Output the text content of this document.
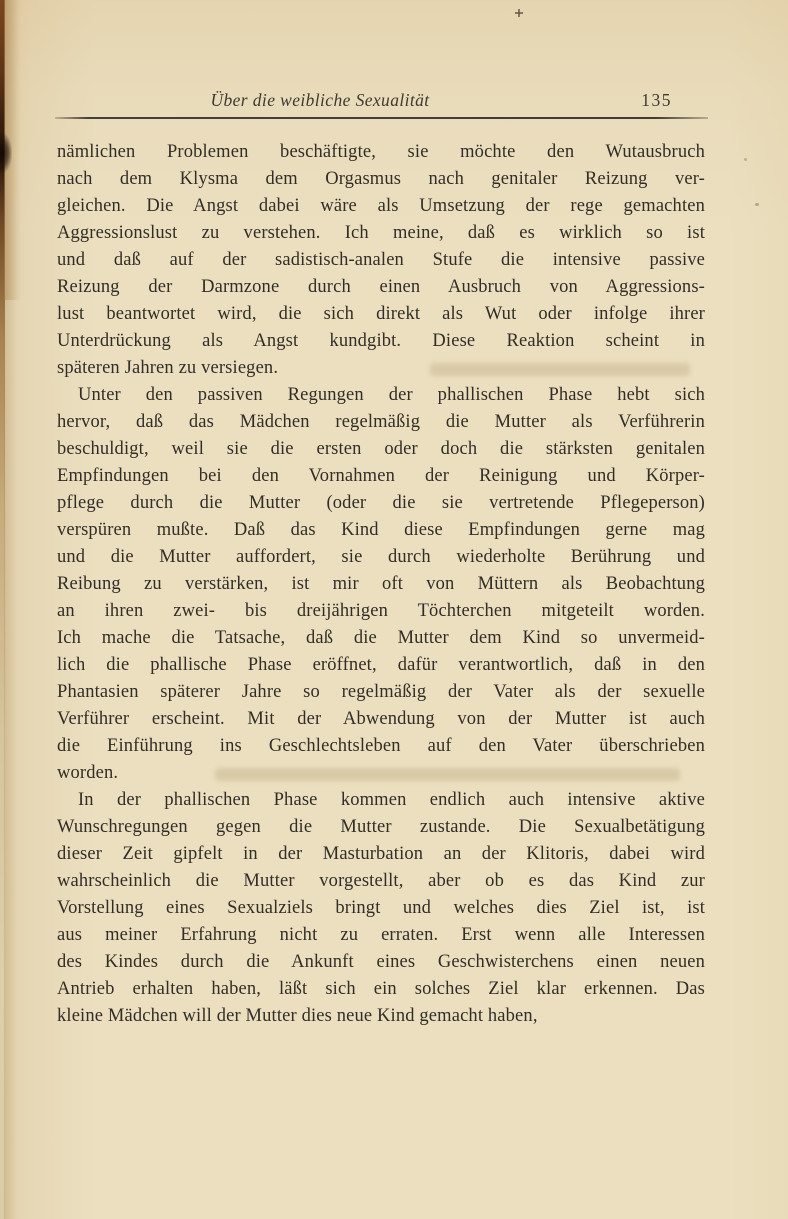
Über die weibliche Sexualität	135
nämlichen Problemen beschäftigte, sie möchte den Wutausbruch
nach dem Klysma dem Orgasmus nach genitaler Reizung ver-
gleichen. Die Angst dabei wäre als Umsetzung der rege gemachten
Aggressionslust zu verstehen. Ich meine, daß es wirklich so ist
und daß auf der sadistisch-analen Stufe die intensive passive
Reizung der Darmzone durch einen Ausbruch von Aggressions-
lust beantwortet wird, die sich direkt als Wut oder infolge ihrer
Unterdrückung als Angst kundgibt. Diese Reaktion scheint in
späteren Jahren zu versiegen.
Unter den passiven Regungen der phallischen Phase hebt sich
hervor, daß das Mädchen regelmäßig die Mutter als Verführerin
beschuldigt, weil sie die ersten oder doch die stärksten genitalen
Empfindungen bei den Vornahmen der Reinigung und Körper-
pflege durch die Mutter (oder die sie vertretende Pflegeperson)
verspüren mußte. Daß das Kind diese Empfindungen gerne mag
und die Mutter auffordert, sie durch wiederholte Berührung und
Reibung zu verstärken, ist mir oft von Müttern als Beobachtung
an ihren zwei- bis dreijährigen Töchterchen mitgeteilt worden.
Ich mache die Tatsache, daß die Mutter dem Kind so unvermeid-
lich die phallische Phase eröffnet, dafür verantwortlich, daß in den
Phantasien späterer Jahre so regelmäßig der Vater als der sexuelle
Verführer erscheint. Mit der Abwendung von der Mutter ist auch
die Einführung ins Geschlechtsleben auf den Vater überschrieben
worden.
In der phallischen Phase kommen endlich auch intensive aktive
Wunschregungen gegen die Mutter zustande. Die Sexualbetätigung
dieser Zeit gipfelt in der Masturbation an der Klitoris, dabei wird
wahrscheinlich die Mutter vorgestellt, aber ob es das Kind zur
Vorstellung eines Sexualziels bringt und welches dies Ziel ist, ist
aus meiner Erfahrung nicht zu erraten. Erst wenn alle Interessen
des Kindes durch die Ankunft eines Geschwisterchens einen neuen
Antrieb erhalten haben, läßt sich ein solches Ziel klar erkennen. Das
kleine Mädchen will der Mutter dies neue Kind gemacht haben,
